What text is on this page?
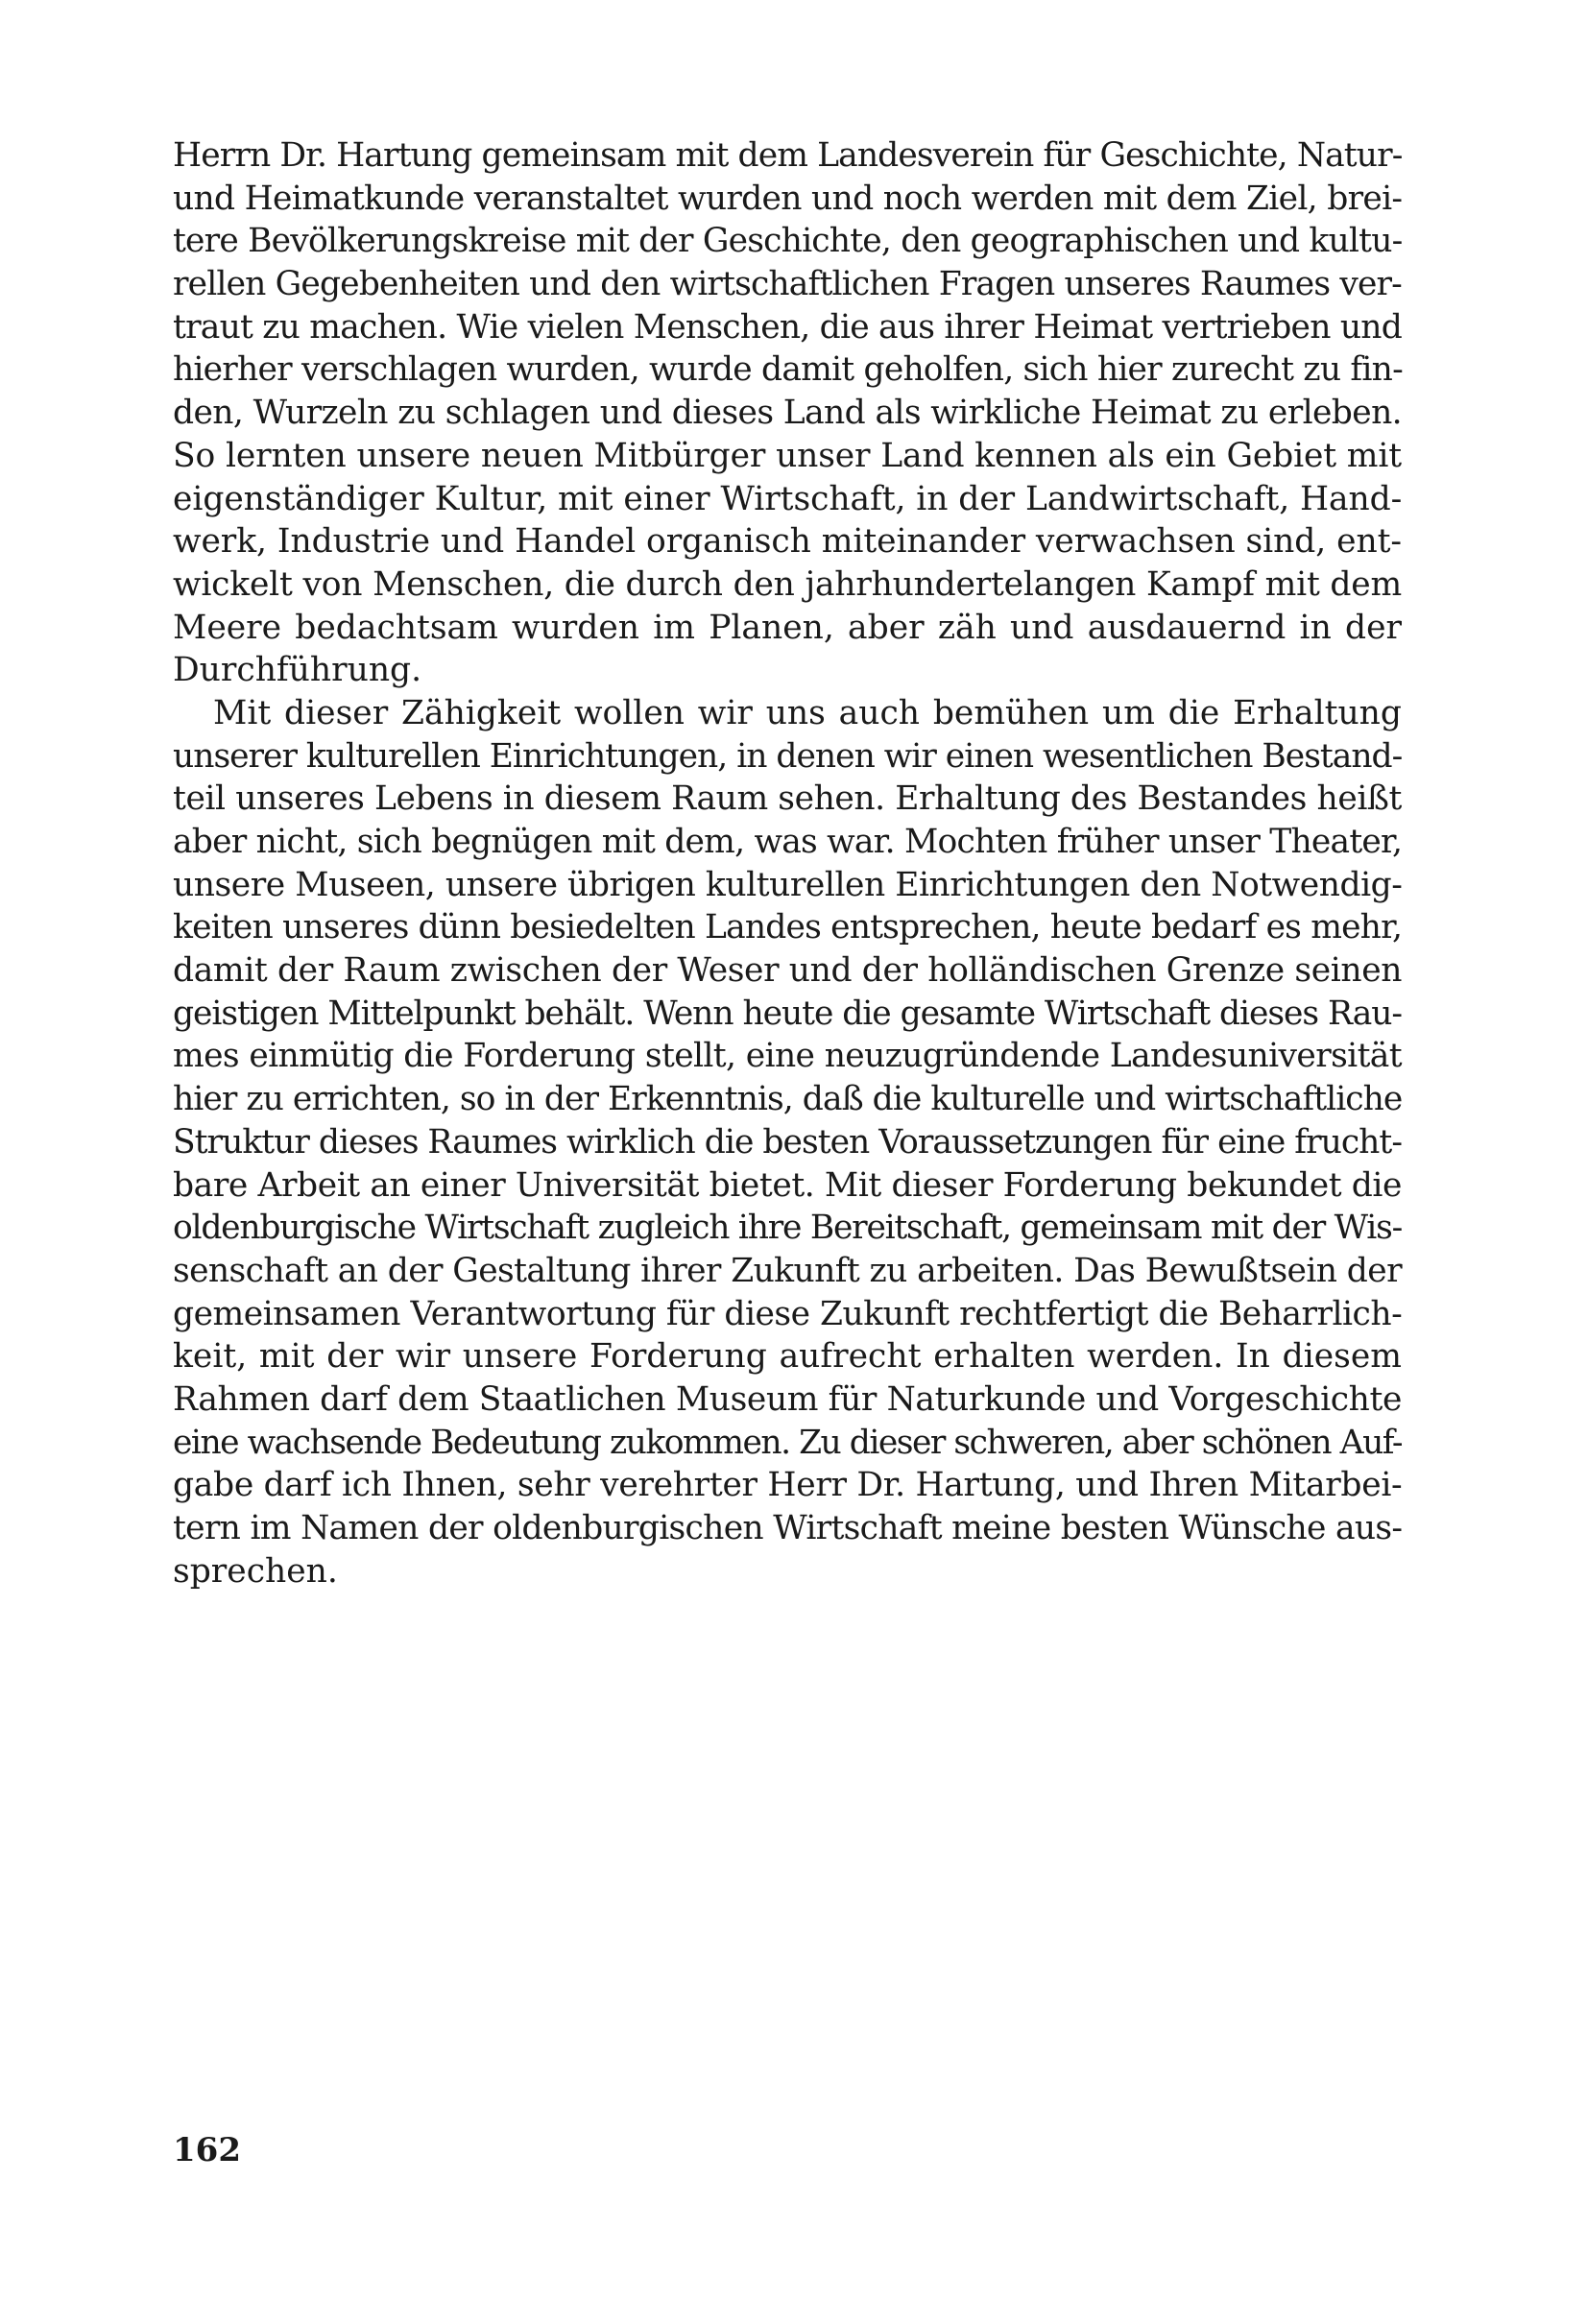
Herrn Dr. Hartung gemeinsam mit dem Landesverein für Geschichte, Natur-
und Heimatkunde veranstaltet wurden und noch werden mit dem Ziel, brei-
tere Bevölkerungskreise mit der Geschichte, den geographischen und kultu-
rellen Gegebenheiten und den wirtschaftlichen Fragen unseres Raumes ver-
traut zu machen. Wie vielen Menschen, die aus ihrer Heimat vertrieben und
hierher verschlagen wurden, wurde damit geholfen, sich hier zurecht zu fin-
den, Wurzeln zu schlagen und dieses Land als wirkliche Heimat zu erleben.
So lernten unsere neuen Mitbürger unser Land kennen als ein Gebiet mit
eigenständiger Kultur, mit einer Wirtschaft, in der Landwirtschaft, Hand-
werk, Industrie und Handel organisch miteinander verwachsen sind, ent-
wickelt von Menschen, die durch den jahrhundertelangen Kampf mit dem
Meere bedachtsam wurden im Planen, aber zäh und ausdauernd in der
Durchführung.
Mit dieser Zähigkeit wollen wir uns auch bemühen um die Erhaltung
unserer kulturellen Einrichtungen, in denen wir einen wesentlichen Bestand-
teil unseres Lebens in diesem Raum sehen. Erhaltung des Bestandes heißt
aber nicht, sich begnügen mit dem, was war. Mochten früher unser Theater,
unsere Museen, unsere übrigen kulturellen Einrichtungen den Notwendig-
keiten unseres dünn besiedelten Landes entsprechen, heute bedarf es mehr,
damit der Raum zwischen der Weser und der holländischen Grenze seinen
geistigen Mittelpunkt behält. Wenn heute die gesamte Wirtschaft dieses Rau-
mes einmütig die Forderung stellt, eine neuzugründende Landesuniversität
hier zu errichten, so in der Erkenntnis, daß die kulturelle und wirtschaftliche
Struktur dieses Raumes wirklich die besten Voraussetzungen für eine frucht-
bare Arbeit an einer Universität bietet. Mit dieser Forderung bekundet die
oldenburgische Wirtschaft zugleich ihre Bereitschaft, gemeinsam mit der Wis-
senschaft an der Gestaltung ihrer Zukunft zu arbeiten. Das Bewußtsein der
gemeinsamen Verantwortung für diese Zukunft rechtfertigt die Beharrlich-
keit, mit der wir unsere Forderung aufrecht erhalten werden. In diesem
Rahmen darf dem Staatlichen Museum für Naturkunde und Vorgeschichte
eine wachsende Bedeutung zukommen. Zu dieser schweren, aber schönen Auf-
gabe darf ich Ihnen, sehr verehrter Herr Dr. Hartung, und Ihren Mitarbei-
tern im Namen der oldenburgischen Wirtschaft meine besten Wünsche aus-
sprechen.
162
